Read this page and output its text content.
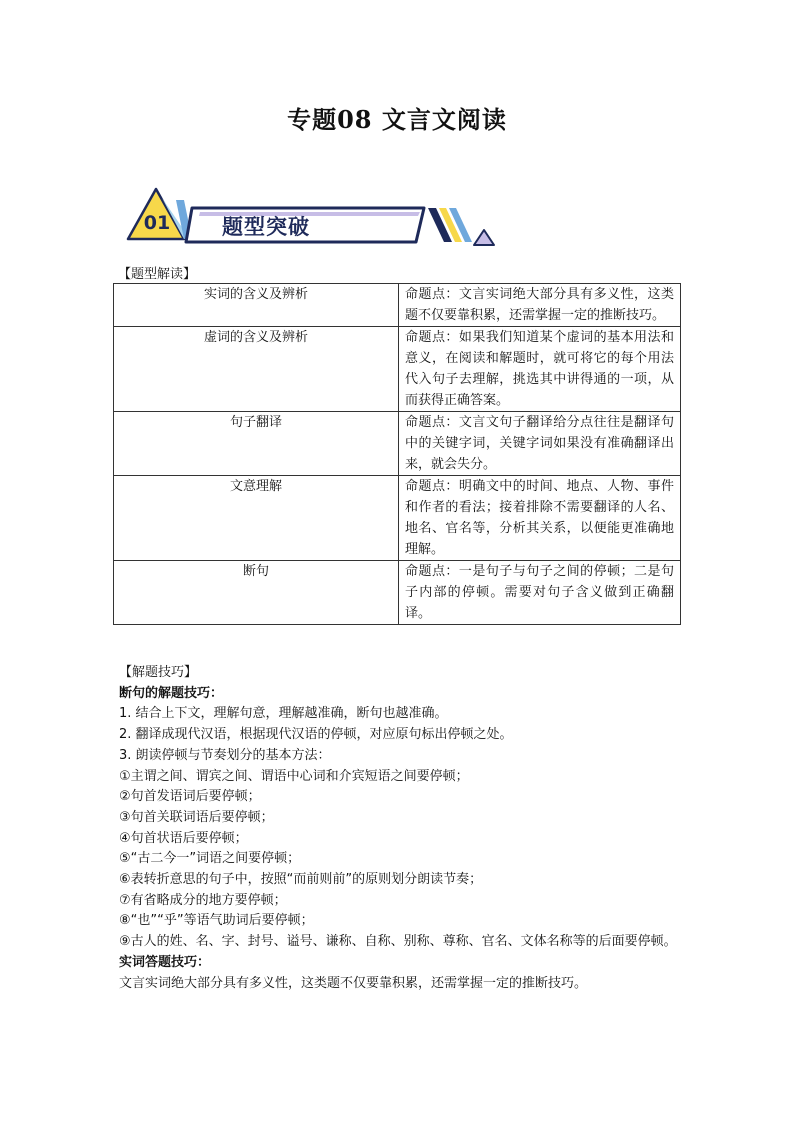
专题08 文言文阅读
01 题型突破
【题型解读】
实词的含义及辨析	命题点：文言实词绝大部分具有多义性，这类题不仅要靠积累，还需掌握一定的推断技巧。
虚词的含义及辨析	命题点：如果我们知道某个虚词的基本用法和意义，在阅读和解题时，就可将它的每个用法代入句子去理解，挑选其中讲得通的一项，从而获得正确答案。
句子翻译	命题点：文言文句子翻译给分点往往是翻译句中的关键字词，关键字词如果没有准确翻译出来，就会失分。
文意理解	命题点：明确文中的时间、地点、人物、事件和作者的看法；接着排除不需要翻译的人名、地名、官名等，分析其关系，以便能更准确地理解。
断句	命题点：一是句子与句子之间的停顿；二是句子内部的停顿。需要对句子含义做到正确翻译。
【解题技巧】
断句的解题技巧：
1. 结合上下文，理解句意，理解越准确，断句也越准确。
2. 翻译成现代汉语，根据现代汉语的停顿，对应原句标出停顿之处。
3. 朗读停顿与节奏划分的基本方法：
①主谓之间、谓宾之间、谓语中心词和介宾短语之间要停顿；
②句首发语词后要停顿；
③句首关联词语后要停顿；
④句首状语后要停顿；
⑤“古二今一”词语之间要停顿；
⑥表转折意思的句子中，按照“而前则前”的原则划分朗读节奏；
⑦有省略成分的地方要停顿；
⑧“也”“乎”等语气助词后要停顿；
⑨古人的姓、名、字、封号、谥号、谦称、自称、别称、尊称、官名、文体名称等的后面要停顿。
实词答题技巧：
文言实词绝大部分具有多义性，这类题不仅要靠积累，还需掌握一定的推断技巧。
